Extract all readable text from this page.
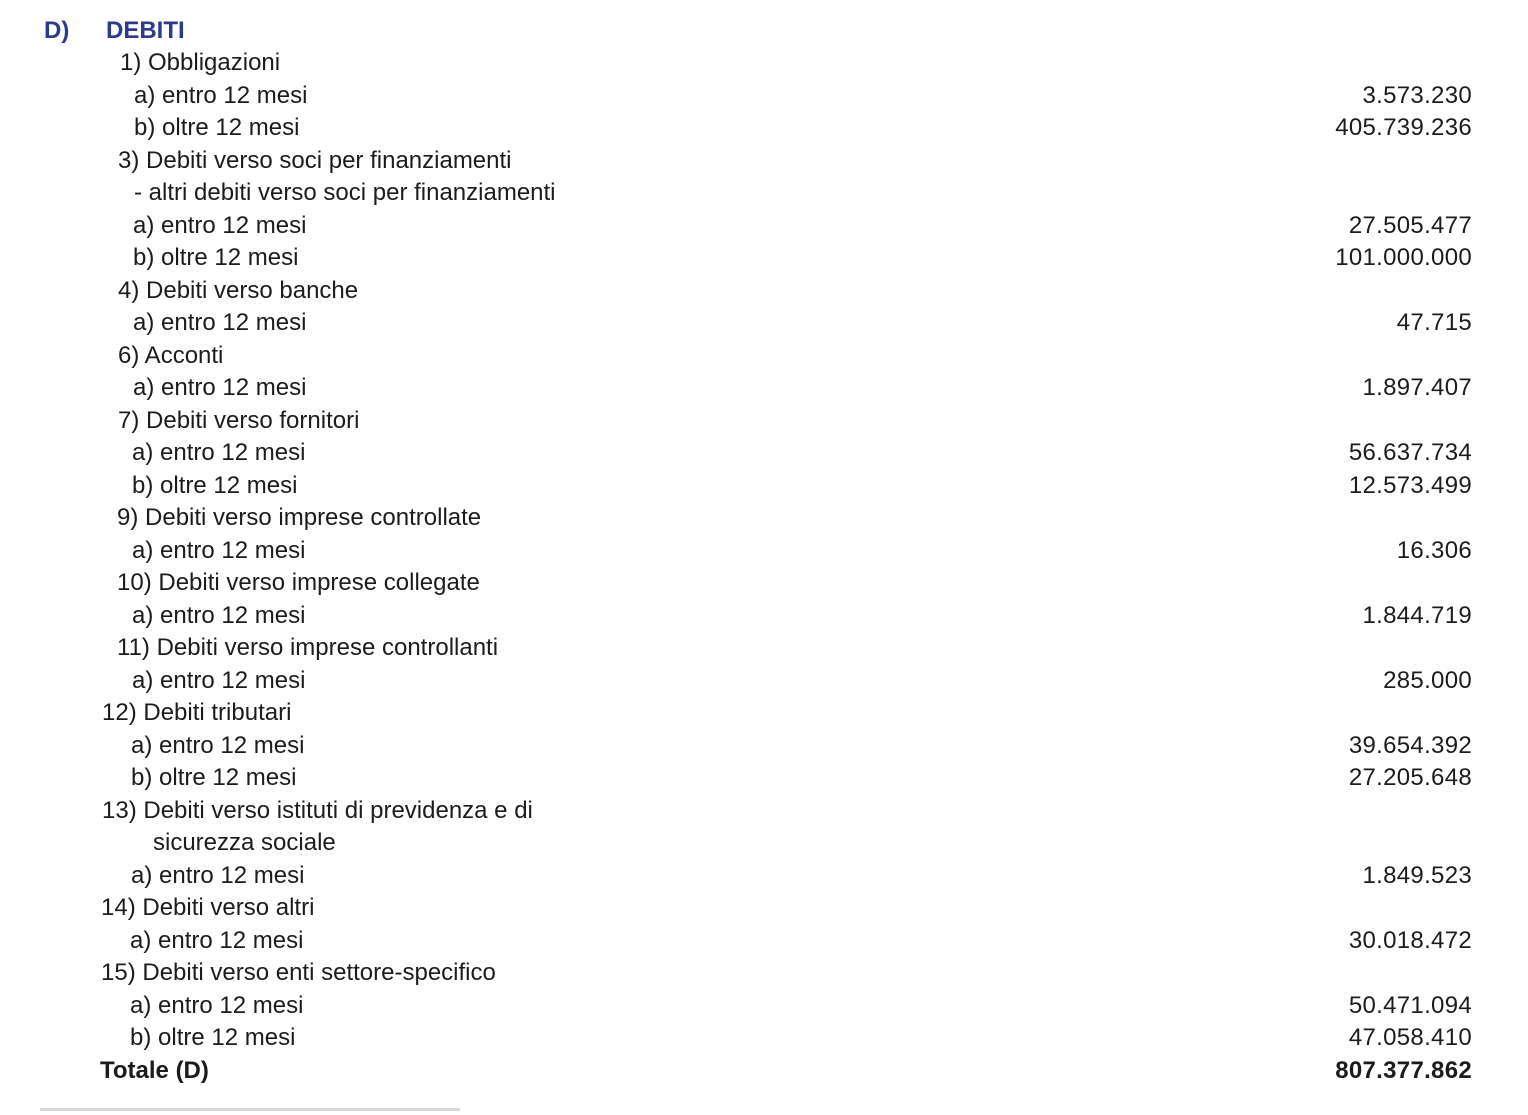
D)	DEBITI
1) Obbligazioni
a) entro 12 mesi	3.573.230
b) oltre 12 mesi	405.739.236
3) Debiti verso soci per finanziamenti
- altri debiti verso soci per finanziamenti
a) entro 12 mesi	27.505.477
b) oltre 12 mesi	101.000.000
4) Debiti verso banche
a) entro 12 mesi	47.715
6) Acconti
a) entro 12 mesi	1.897.407
7) Debiti verso fornitori
a) entro 12 mesi	56.637.734
b) oltre 12 mesi	12.573.499
9) Debiti verso imprese controllate
a) entro 12 mesi	16.306
10) Debiti verso imprese collegate
a) entro 12 mesi	1.844.719
11) Debiti verso imprese controllanti
a) entro 12 mesi	285.000
12) Debiti tributari
a) entro 12 mesi	39.654.392
b) oltre 12 mesi	27.205.648
13) Debiti verso istituti di previdenza e di
sicurezza sociale
a) entro 12 mesi	1.849.523
14) Debiti verso altri
a) entro 12 mesi	30.018.472
15) Debiti verso enti settore-specifico
a) entro 12 mesi	50.471.094
b) oltre 12 mesi	47.058.410
Totale (D)	807.377.862
